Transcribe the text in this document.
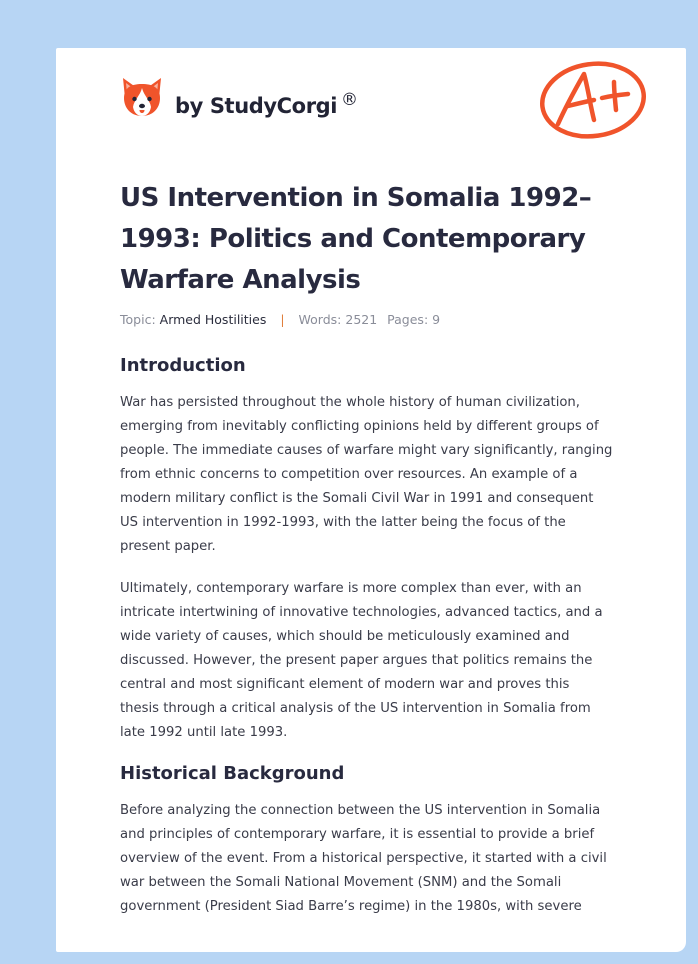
by StudyCorgi ®
US Intervention in Somalia 1992–1993: Politics and Contemporary Warfare Analysis
Topic: Armed Hostilities | Words: 2521 Pages: 9
Introduction

War has persisted throughout the whole history of human civilization,
emerging from inevitably conflicting opinions held by different groups of
people. The immediate causes of warfare might vary significantly, ranging
from ethnic concerns to competition over resources. An example of a
modern military conflict is the Somali Civil War in 1991 and consequent
US intervention in 1992-1993, with the latter being the focus of the
present paper.

Ultimately, contemporary warfare is more complex than ever, with an
intricate intertwining of innovative technologies, advanced tactics, and a
wide variety of causes, which should be meticulously examined and
discussed. However, the present paper argues that politics remains the
central and most significant element of modern war and proves this
thesis through a critical analysis of the US intervention in Somalia from
late 1992 until late 1993.

Historical Background

Before analyzing the connection between the US intervention in Somalia
and principles of contemporary warfare, it is essential to provide a brief
overview of the event. From a historical perspective, it started with a civil
war between the Somali National Movement (SNM) and the Somali
government (President Siad Barre’s regime) in the 1980s, with severe
